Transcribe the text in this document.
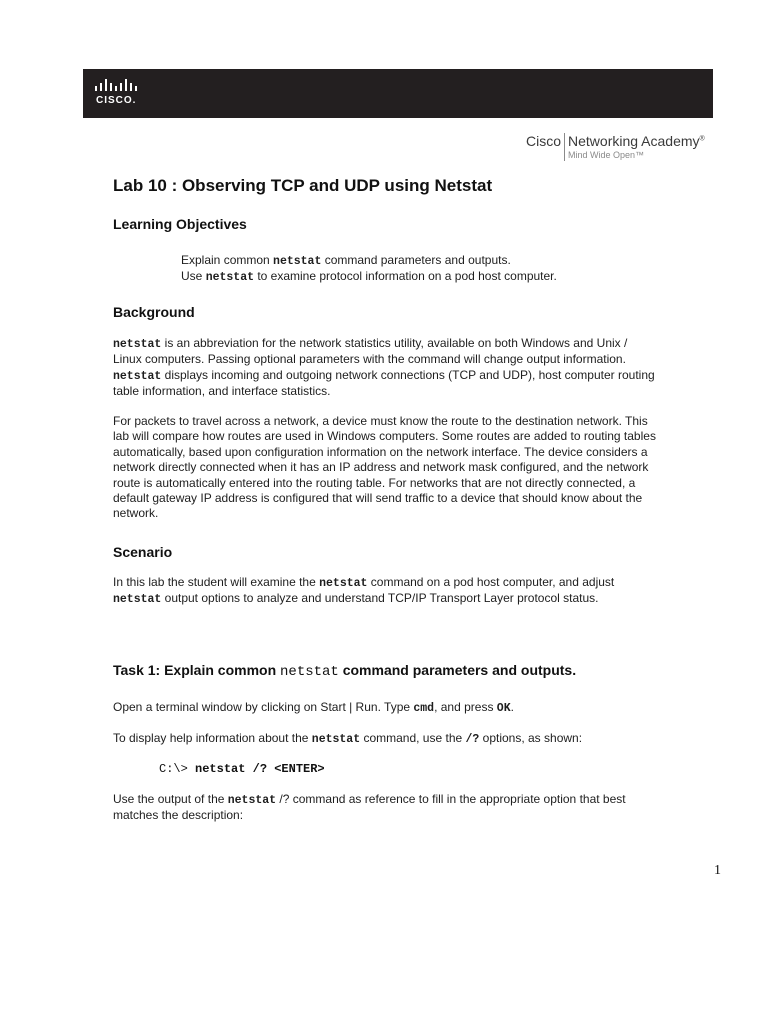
CISCO.
Cisco Networking Academy®
Mind Wide Open™
Lab 10 : Observing TCP and UDP using Netstat
Learning Objectives

Explain common netstat command parameters and outputs.

Use netstat to examine protocol information on a pod host computer.

Background

netstat is an abbreviation for the network statistics utility, available on both Windows and Unix / Linux computers. Passing optional parameters with the command will change output information. netstat displays incoming and outgoing network connections (TCP and UDP), host computer routing table information, and interface statistics.

For packets to travel across a network, a device must know the route to the destination network. This lab will compare how routes are used in Windows computers. Some routes are added to routing tables automatically, based upon configuration information on the network interface. The device considers a network directly connected when it has an IP address and network mask configured, and the network route is automatically entered into the routing table. For networks that are not directly connected, a default gateway IP address is configured that will send traffic to a device that should know about the network.

Scenario

In this lab the student will examine the netstat command on a pod host computer, and adjust netstat output options to analyze and understand TCP/IP Transport Layer protocol status.

Task 1: Explain common netstat command parameters and outputs.

Open a terminal window by clicking on Start | Run. Type cmd, and press OK.

To display help information about the netstat command, use the /? options, as shown:

C:\> netstat /? <ENTER>

Use the output of the netstat /? command as reference to fill in the appropriate option that best matches the description:

1
